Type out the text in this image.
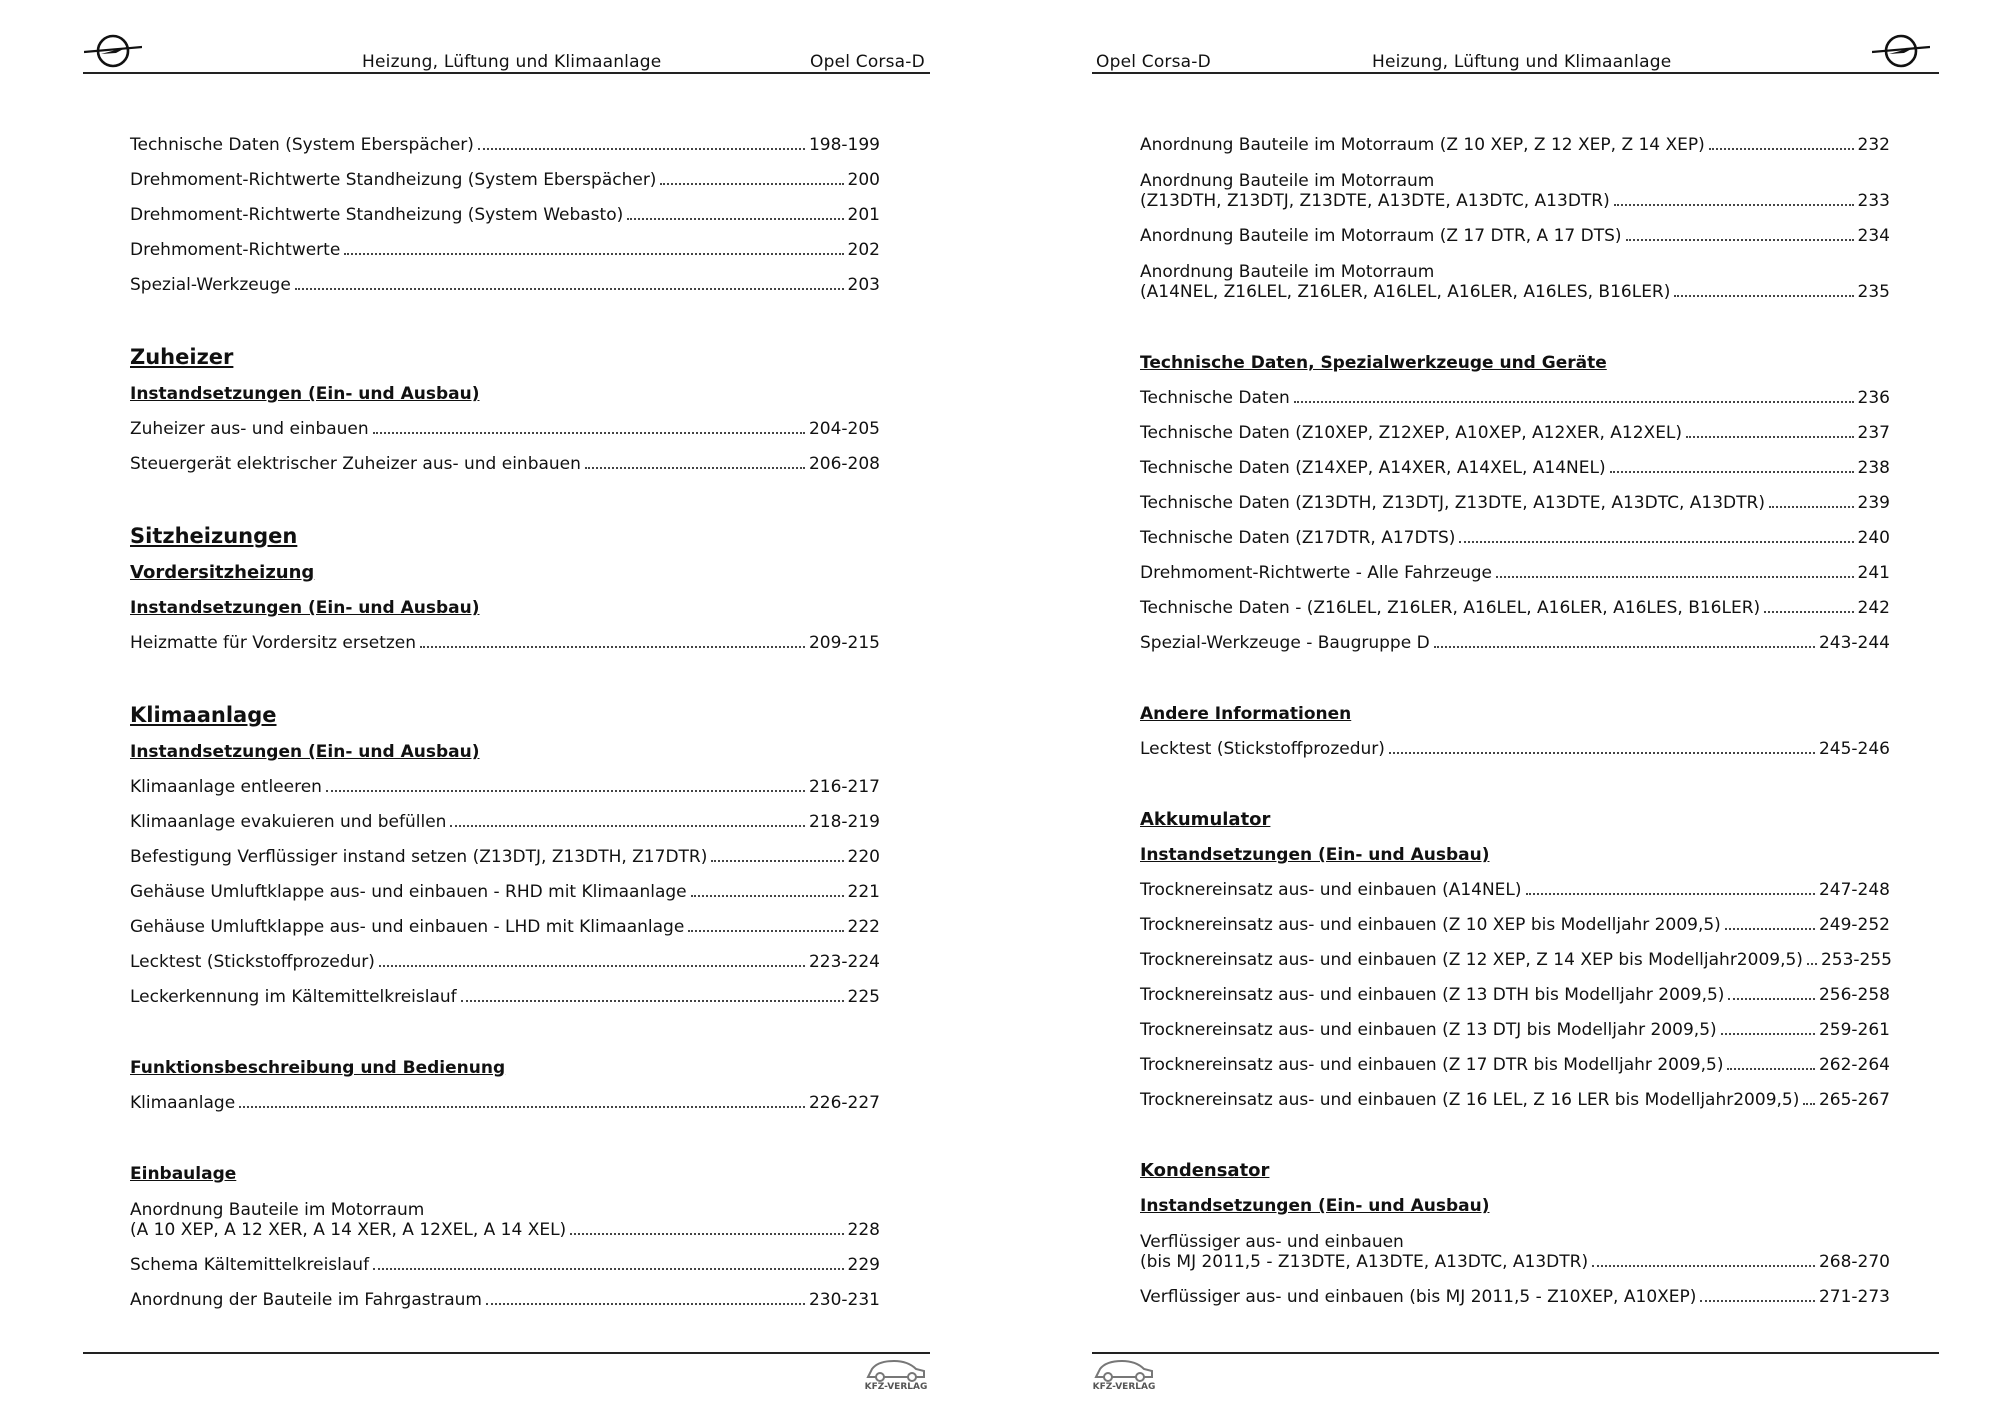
Heizung, Lüftung und Klimaanlage	Opel Corsa-D
Technische Daten (System Eberspächer)	198-199
Drehmoment-Richtwerte Standheizung (System Eberspächer)	200
Drehmoment-Richtwerte Standheizung (System Webasto)	201
Drehmoment-Richtwerte	202
Spezial-Werkzeuge	203
Zuheizer
Instandsetzungen (Ein- und Ausbau)
Zuheizer aus- und einbauen	204-205
Steuergerät elektrischer Zuheizer aus- und einbauen	206-208
Sitzheizungen
Vordersitzheizung
Instandsetzungen (Ein- und Ausbau)
Heizmatte für Vordersitz ersetzen	209-215
Klimaanlage
Instandsetzungen (Ein- und Ausbau)
Klimaanlage entleeren	216-217
Klimaanlage evakuieren und befüllen	218-219
Befestigung Verflüssiger instand setzen (Z13DTJ, Z13DTH, Z17DTR)	220
Gehäuse Umluftklappe aus- und einbauen - RHD mit Klimaanlage	221
Gehäuse Umluftklappe aus- und einbauen - LHD mit Klimaanlage	222
Lecktest (Stickstoffprozedur)	223-224
Leckerkennung im Kältemittelkreislauf	225
Funktionsbeschreibung und Bedienung
Klimaanlage	226-227
Einbaulage
Anordnung Bauteile im Motorraum
(A 10 XEP, A 12 XER, A 14 XER, A 12XEL, A 14 XEL)	228
Schema Kältemittelkreislauf	229
Anordnung der Bauteile im Fahrgastraum	230-231
KFZ-VERLAG
Opel Corsa-D	Heizung, Lüftung und Klimaanlage
Anordnung Bauteile im Motorraum (Z 10 XEP, Z 12 XEP, Z 14 XEP)	232
Anordnung Bauteile im Motorraum
(Z13DTH, Z13DTJ, Z13DTE, A13DTE, A13DTC, A13DTR)	233
Anordnung Bauteile im Motorraum (Z 17 DTR, A 17 DTS)	234
Anordnung Bauteile im Motorraum
(A14NEL, Z16LEL, Z16LER, A16LEL, A16LER, A16LES, B16LER)	235
Technische Daten, Spezialwerkzeuge und Geräte
Technische Daten	236
Technische Daten (Z10XEP, Z12XEP, A10XEP, A12XER, A12XEL)	237
Technische Daten (Z14XEP, A14XER, A14XEL, A14NEL)	238
Technische Daten (Z13DTH, Z13DTJ, Z13DTE, A13DTE, A13DTC, A13DTR)	239
Technische Daten (Z17DTR, A17DTS)	240
Drehmoment-Richtwerte - Alle Fahrzeuge	241
Technische Daten - (Z16LEL, Z16LER, A16LEL, A16LER, A16LES, B16LER)	242
Spezial-Werkzeuge - Baugruppe D	243-244
Andere Informationen
Lecktest (Stickstoffprozedur)	245-246
Akkumulator
Instandsetzungen (Ein- und Ausbau)
Trocknereinsatz aus- und einbauen (A14NEL)	247-248
Trocknereinsatz aus- und einbauen (Z 10 XEP bis Modelljahr 2009,5)	249-252
Trocknereinsatz aus- und einbauen (Z 12 XEP, Z 14 XEP bis Modelljahr2009,5) 253-255
Trocknereinsatz aus- und einbauen (Z 13 DTH bis Modelljahr 2009,5)	256-258
Trocknereinsatz aus- und einbauen (Z 13 DTJ bis Modelljahr 2009,5)	259-261
Trocknereinsatz aus- und einbauen (Z 17 DTR bis Modelljahr 2009,5)	262-264
Trocknereinsatz aus- und einbauen (Z 16 LEL, Z 16 LER bis Modelljahr2009,5) 265-267
Kondensator
Instandsetzungen (Ein- und Ausbau)
Verflüssiger aus- und einbauen
(bis MJ 2011,5 - Z13DTE, A13DTE, A13DTC, A13DTR)	268-270
Verflüssiger aus- und einbauen (bis MJ 2011,5 - Z10XEP, A10XEP)	271-273
KFZ-VERLAG
